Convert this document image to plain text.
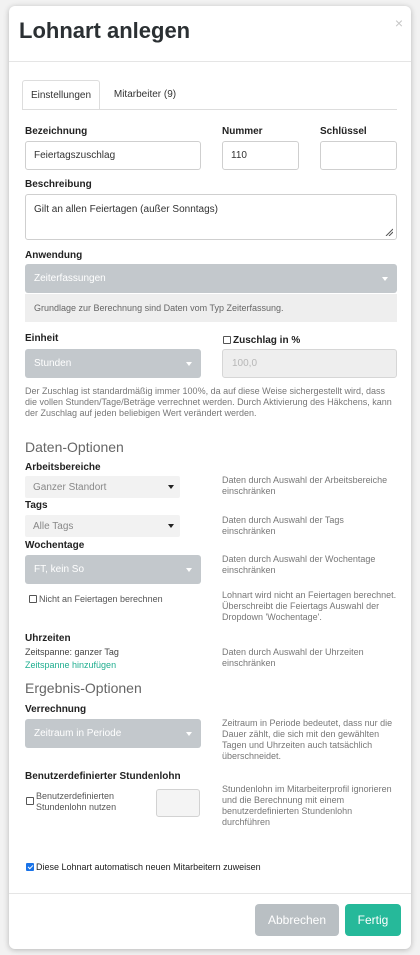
Lohnart anlegen	×
Einstellungen	Mitarbeiter (9)
Bezeichnung
Feiertagszuschlag
Nummer
110
Schlüssel
Beschreibung
Gilt an allen Feiertagen (außer Sonntags)
Anwendung
Zeiterfassungen
Grundlage zur Berechnung sind Daten vom Typ Zeiterfassung.
Einheit
Stunden
Zuschlag in %
100,0
Der Zuschlag ist standardmäßig immer 100%, da auf diese Weise sichergestellt wird, dass die vollen Stunden/Tage/Beträge verrechnet werden. Durch Aktivierung des Häkchens, kann der Zuschlag auf jeden beliebigen Wert verändert werden.
Daten-Optionen
Arbeitsbereiche
Ganzer Standort
Daten durch Auswahl der Arbeitsbereiche einschränken
Tags
Alle Tags
Daten durch Auswahl der Tags einschränken
Wochentage
FT, kein So
Daten durch Auswahl der Wochentage einschränken
Nicht an Feiertagen berechnen	Lohnart wird nicht an Feiertagen berechnet. Überschreibt die Feiertags Auswahl der Dropdown 'Wochentage'.
Uhrzeiten
Zeitspanne: ganzer Tag
Zeitspanne hinzufügen
Daten durch Auswahl der Uhrzeiten einschränken
Ergebnis-Optionen
Verrechnung
Zeitraum in Periode
Zeitraum in Periode bedeutet, dass nur die Dauer zählt, die sich mit den gewählten Tagen und Uhrzeiten auch tatsächlich überschneidet.
Benutzerdefinierter Stundenlohn
Benutzerdefinierten Stundenlohn nutzen
Stundenlohn im Mitarbeiterprofil ignorieren und die Berechnung mit einem benutzerdefinierten Stundenlohn durchführen
Diese Lohnart automatisch neuen Mitarbeitern zuweisen
Abbrechen	Fertig
